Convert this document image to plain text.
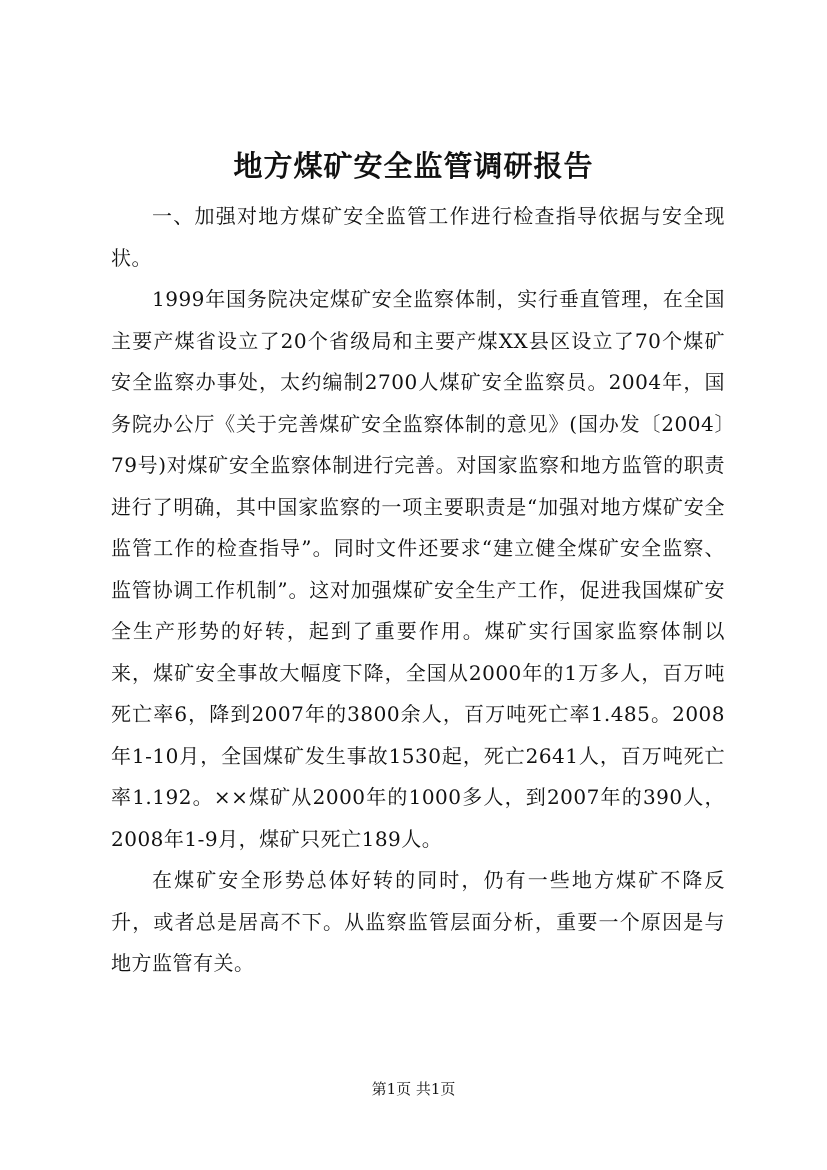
地方煤矿安全监管调研报告

一、加强对地方煤矿安全监管工作进行检查指导依据与安全现状。

1999年国务院决定煤矿安全监察体制，实行垂直管理，在全国主要产煤省设立了20个省级局和主要产煤XX县区设立了70个煤矿安全监察办事处，太约编制2700人煤矿安全监察员。2004年，国务院办公厅《关于完善煤矿安全监察体制的意见》(国办发〔2004〕79号)对煤矿安全监察体制进行完善。对国家监察和地方监管的职责进行了明确，其中国家监察的一项主要职责是“加强对地方煤矿安全监管工作的检查指导”。同时文件还要求“建立健全煤矿安全监察、监管协调工作机制”。这对加强煤矿安全生产工作，促进我国煤矿安全生产形势的好转，起到了重要作用。煤矿实行国家监察体制以来，煤矿安全事故大幅度下降，全国从2000年的1万多人，百万吨死亡率6，降到2007年的3800余人，百万吨死亡率1.485。2008年1-10月，全国煤矿发生事故1530起，死亡2641人，百万吨死亡率1.192。××煤矿从2000年的1000多人，到2007年的390人，2008年1-9月，煤矿只死亡189人。

在煤矿安全形势总体好转的同时，仍有一些地方煤矿不降反升，或者总是居高不下。从监察监管层面分析，重要一个原因是与地方监管有关。

第1页 共1页
